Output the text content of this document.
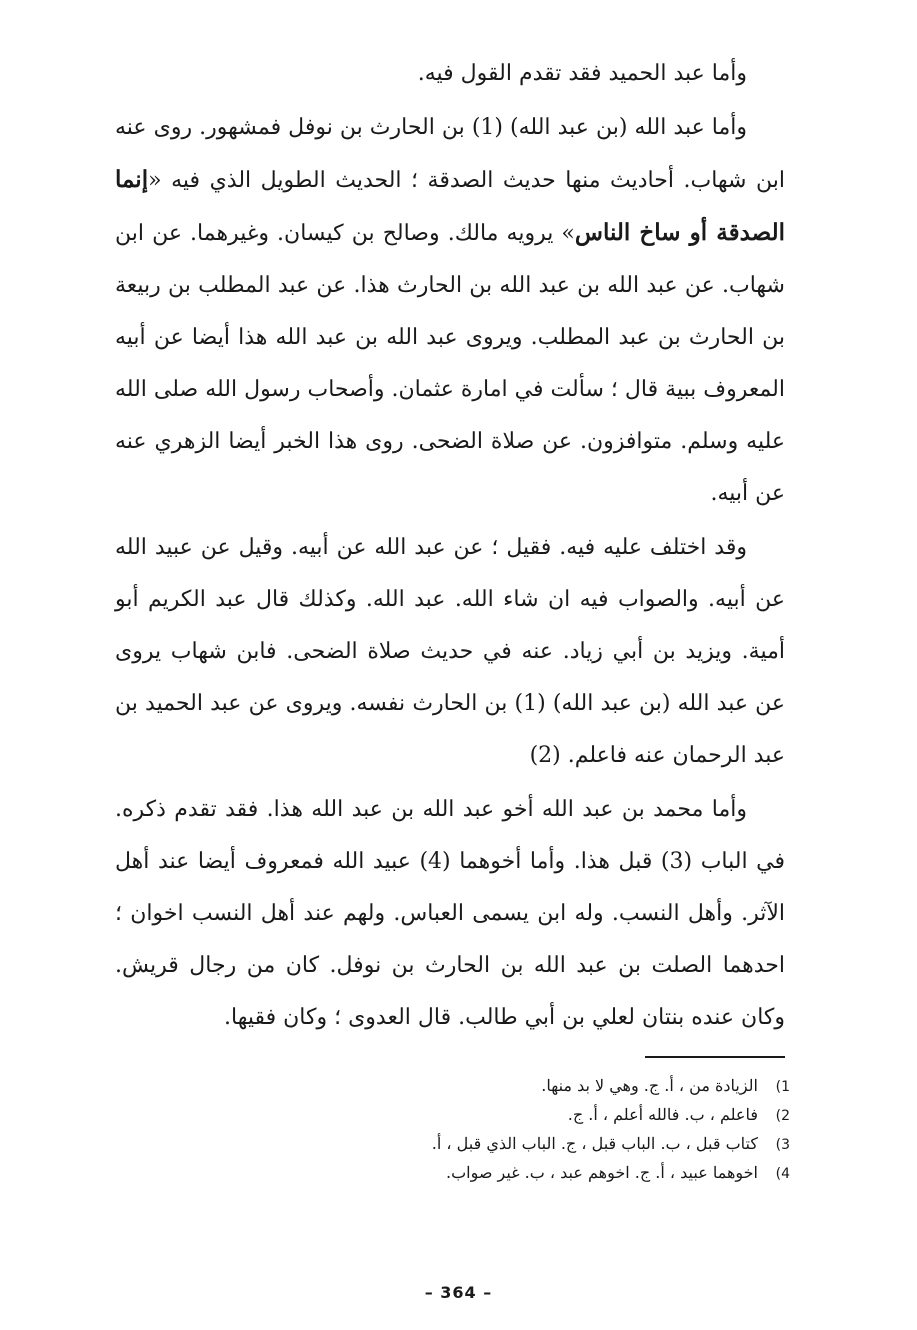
وأما عبد الحميد فقد تقدم القول فيه.

وأما عبد الله (بن عبد الله) (1) بن الحارث بن نوفل فمشهور. روى عنه ابن شهاب. أحاديث منها حديث الصدقة ؛ الحديث الطويل الذي فيه «إنما الصدقة أو ساخ الناس» يرويه مالك. وصالح بن كيسان. وغيرهما. عن ابن شهاب. عن عبد الله بن عبد الله بن الحارث هذا. عن عبد المطلب بن ربيعة بن الحارث بن عبد المطلب. ويروى عبد الله بن عبد الله هذا أيضا عن أبيه المعروف ببية قال ؛ سألت في امارة عثمان. وأصحاب رسول الله صلى الله عليه وسلم. متوافزون. عن صلاة الضحى. روى هذا الخبر أيضا الزهري عنه عن أبيه.

وقد اختلف عليه فيه. فقيل ؛ عن عبد الله عن أبيه. وقيل عن عبيد الله عن أبيه. والصواب فيه ان شاء الله. عبد الله. وكذلك قال عبد الكريم أبو أمية. ويزيد بن أبي زياد. عنه في حديث صلاة الضحى. فابن شهاب يروى عن عبد الله (بن عبد الله) (1) بن الحارث نفسه. ويروى عن عبد الحميد بن عبد الرحمان عنه فاعلم. (2)

وأما محمد بن عبد الله أخو عبد الله بن عبد الله هذا. فقد تقدم ذكره. في الباب (3) قبل هذا. وأما أخوهما (4) عبيد الله فمعروف أيضا عند أهل الآثر. وأهل النسب. وله ابن يسمى العباس. ولهم عند أهل النسب اخوان ؛ احدهما الصلت بن عبد الله بن الحارث بن نوفل. كان من رجال قريش. وكان عنده بنتان لعلي بن أبي طالب. قال العدوى ؛ وكان فقيها.

(1
الزيادة من ، أ. ج. وهي لا بد منها.
(2
فاعلم ، ب. فالله أعلم ، أ. ج.
(3
كتاب قبل ، ب. الباب قبل ، ج. الباب الذي قبل ، أ.
(4
اخوهما عبيد ، أ. ج. اخوهم عبد ، ب. غير صواب.
– 364 –
